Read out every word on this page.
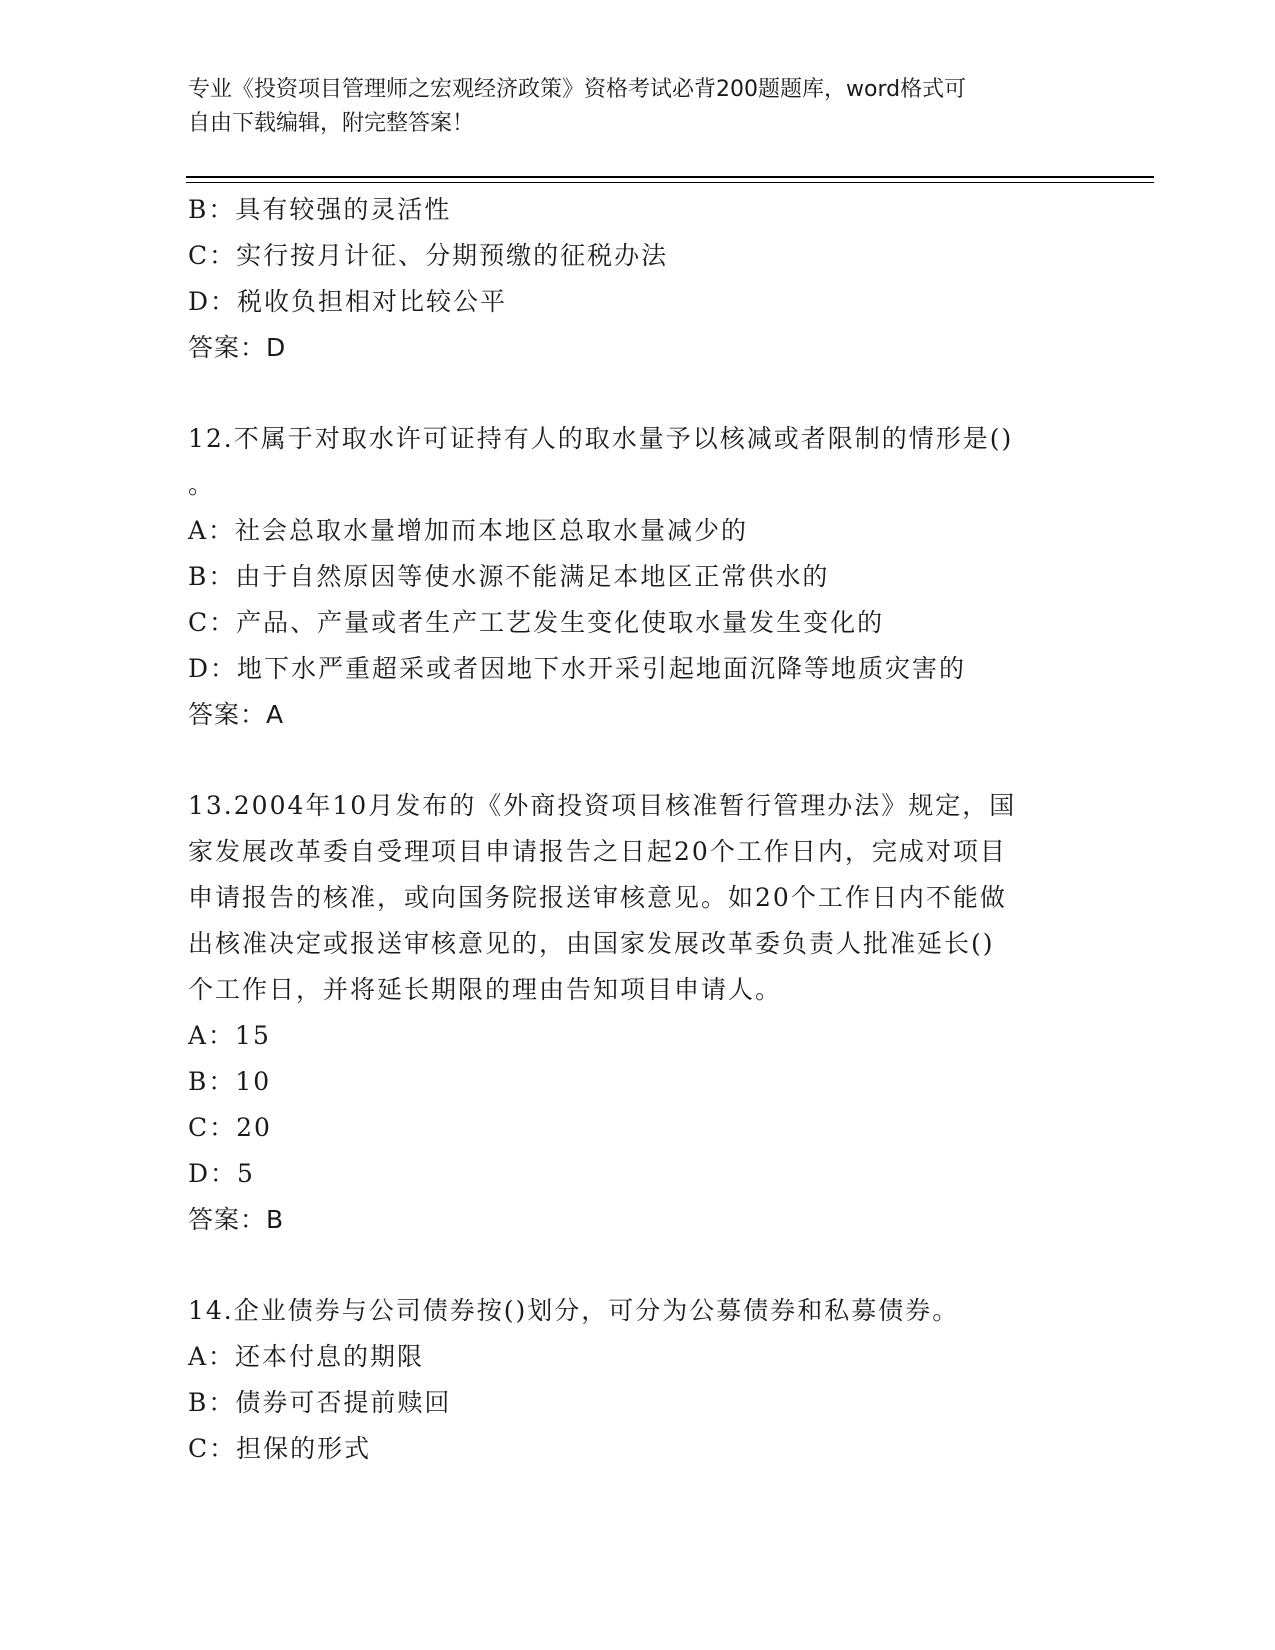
专业《投资项目管理师之宏观经济政策》资格考试必背200题题库，word格式可
自由下载编辑，附完整答案！
B：具有较强的灵活性
C：实行按月计征、分期预缴的征税办法
D：税收负担相对比较公平
答案：D
12.不属于对取水许可证持有人的取水量予以核减或者限制的情形是()
。
A：社会总取水量增加而本地区总取水量减少的
B：由于自然原因等使水源不能满足本地区正常供水的
C：产品、产量或者生产工艺发生变化使取水量发生变化的
D：地下水严重超采或者因地下水开采引起地面沉降等地质灾害的
答案：A
13.2004年10月发布的《外商投资项目核准暂行管理办法》规定，国
家发展改革委自受理项目申请报告之日起20个工作日内，完成对项目
申请报告的核准，或向国务院报送审核意见。如20个工作日内不能做
出核准决定或报送审核意见的，由国家发展改革委负责人批准延长()
个工作日，并将延长期限的理由告知项目申请人。
A：15
B：10
C：20
D：5
答案：B
14.企业债券与公司债券按()划分，可分为公募债券和私募债券。
A：还本付息的期限
B：债券可否提前赎回
C：担保的形式
